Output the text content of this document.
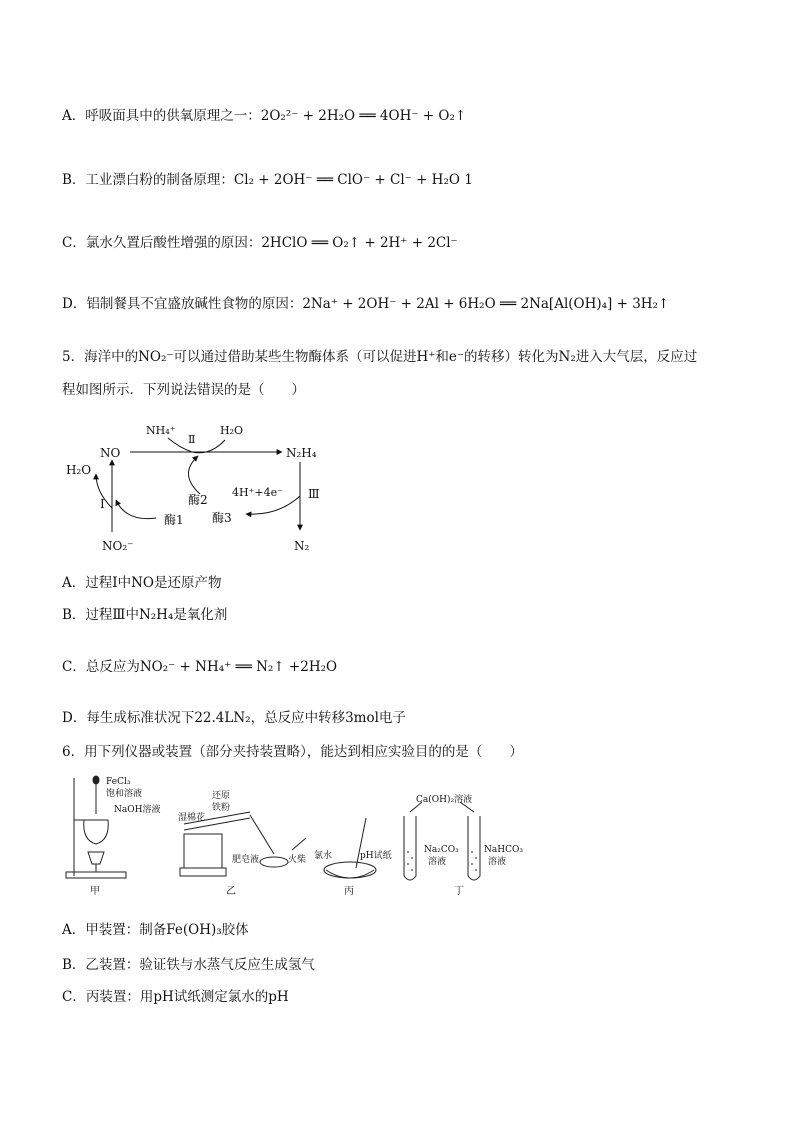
A．呼吸面具中的供氧原理之一：2O₂²⁻ + 2H₂O ══ 4OH⁻ + O₂↑
B．工业漂白粉的制备原理：Cl₂ + 2OH⁻ ══ ClO⁻ + Cl⁻ + H₂O 1
C．氯水久置后酸性增强的原因：2HClO ══ O₂↑ + 2H⁺ + 2Cl⁻
D．铝制餐具不宜盛放碱性食物的原因：2Na⁺ + 2OH⁻ + 2Al + 6H₂O ══ 2Na[Al(OH)₄] + 3H₂↑
5．海洋中的NO₂⁻可以通过借助某些生物酶体系（可以促进H⁺和e⁻的转移）转化为N₂进入大气层，反应过
程如图所示．下列说法错误的是（　　）
NO
NH₄⁺
Ⅱ
H₂O
N₂H₄
H₂O
Ⅰ	酶2
4H⁺+4e⁻ Ⅲ
酶1 酶3
NO₂⁻	N₂
A．过程Ⅰ中NO是还原产物
B．过程Ⅲ中N₂H₄是氧化剂
C．总反应为NO₂⁻ + NH₄⁺ ══ N₂↑ +2H₂O
D．每生成标准状况下22.4LN₂，总反应中转移3mol电子
6．用下列仪器或装置（部分夹持装置略），能达到相应实验目的的是（　　）
FeCl₃
饱和溶液
NaOH溶液
甲
湿棉花
还原
铁粉
肥皂液	火柴
乙
氯水	pH试纸
丙
Ca(OH)₂溶液
Na₂CO₃
溶液
NaHCO₃
溶液
丁
A．甲装置：制备Fe(OH)₃胶体
B．乙装置：验证铁与水蒸气反应生成氢气
C．丙装置：用pH试纸测定氯水的pH
